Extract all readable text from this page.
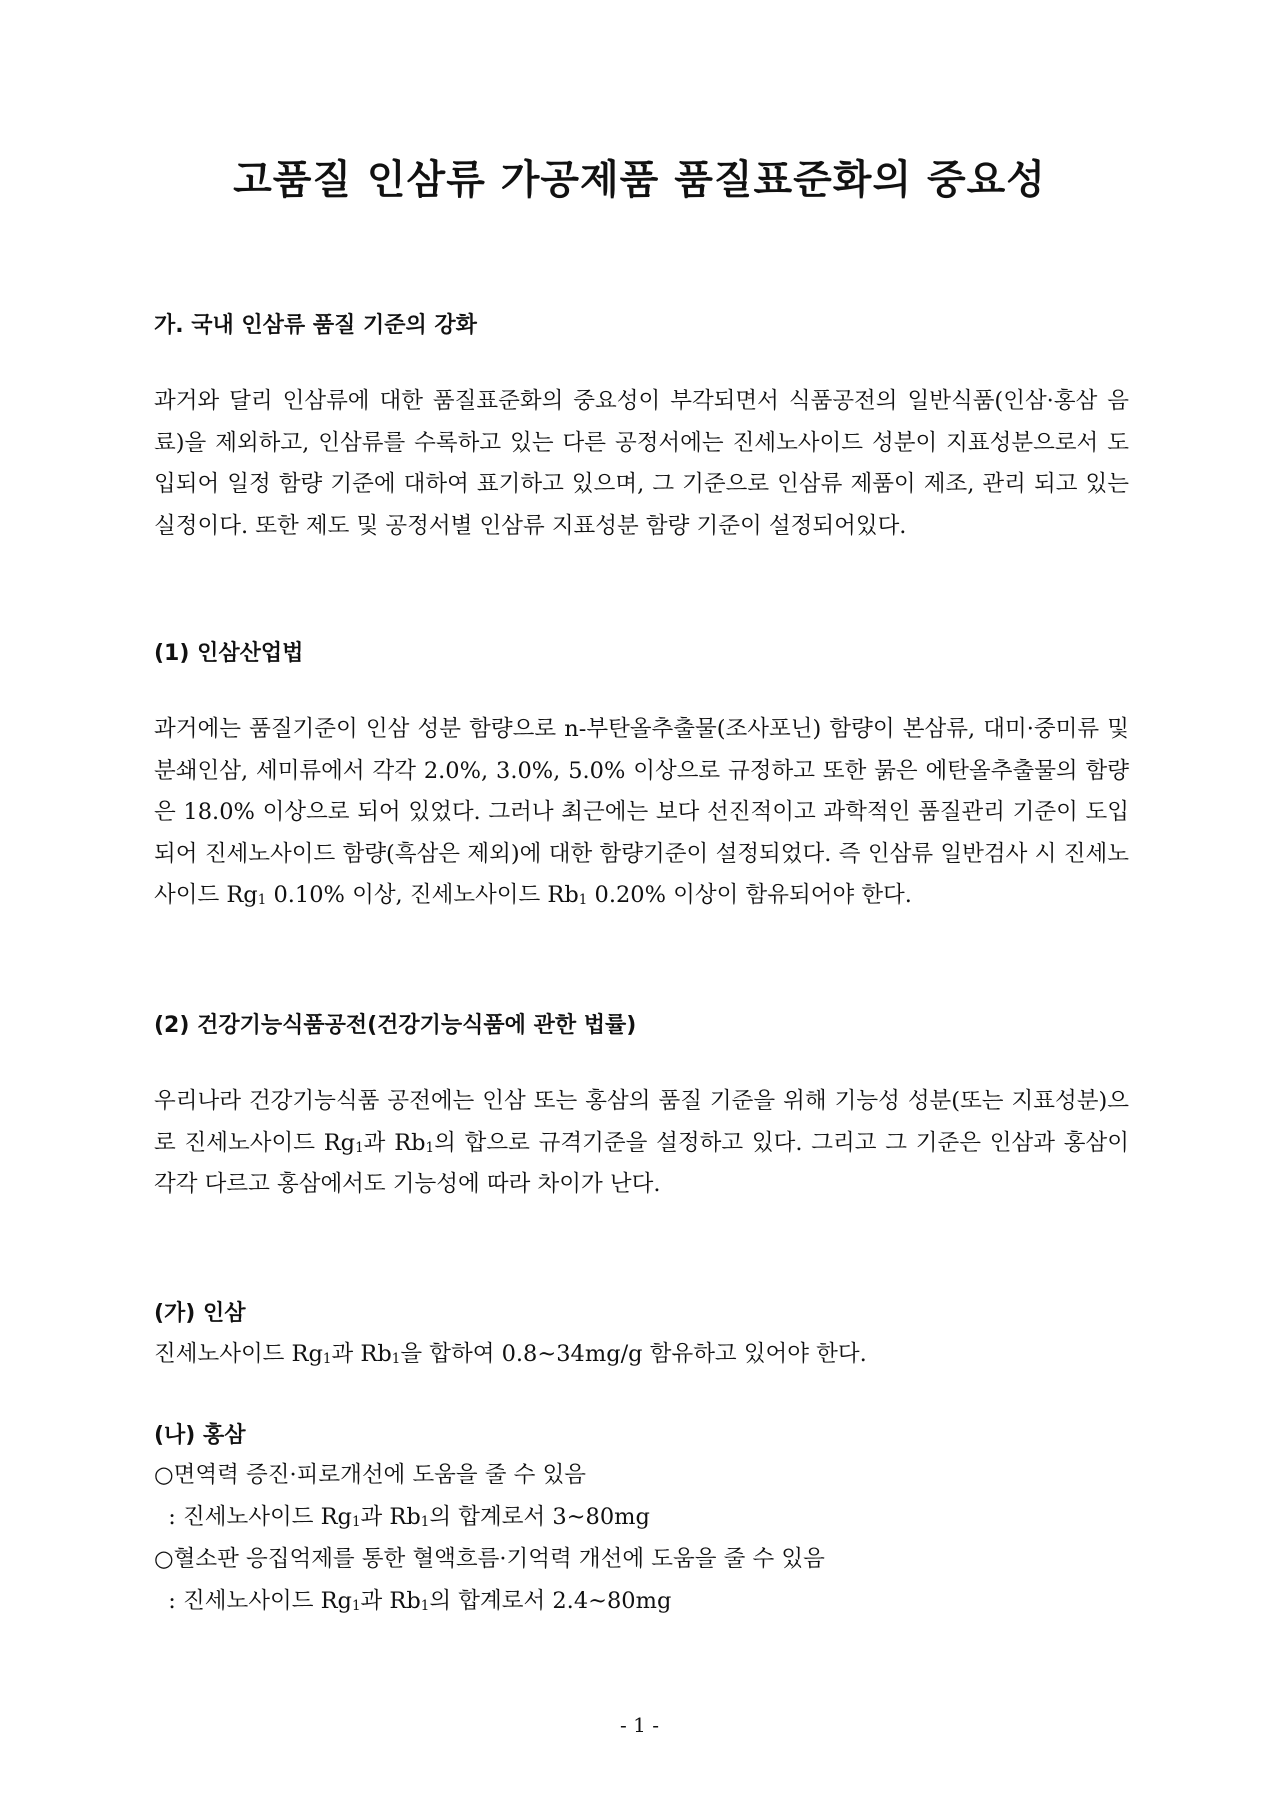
고품질 인삼류 가공제품 품질표준화의 중요성
가. 국내 인삼류 품질 기준의 강화

과거와 달리 인삼류에 대한 품질표준화의 중요성이 부각되면서 식품공전의 일반식품(인삼·홍삼 음료)을 제외하고, 인삼류를 수록하고 있는 다른 공정서에는 진세노사이드 성분이 지표성분으로서 도입되어 일정 함량 기준에 대하여 표기하고 있으며, 그 기준으로 인삼류 제품이 제조, 관리 되고 있는 실정이다. 또한 제도 및 공정서별 인삼류 지표성분 함량 기준이 설정되어있다.

(1) 인삼산업법

과거에는 품질기준이 인삼 성분 함량으로 n-부탄올추출물(조사포닌) 함량이 본삼류, 대미·중미류 및 분쇄인삼, 세미류에서 각각 2.0%, 3.0%, 5.0% 이상으로 규정하고 또한 묽은 에탄올추출물의 함량은 18.0% 이상으로 되어 있었다. 그러나 최근에는 보다 선진적이고 과학적인 품질관리 기준이 도입되어 진세노사이드 함량(흑삼은 제외)에 대한 함량기준이 설정되었다. 즉 인삼류 일반검사 시 진세노사이드 $Rg_1$ 0.10% 이상, 진세노사이드 $Rb_1$ 0.20% 이상이 함유되어야 한다.

(2) 건강기능식품공전(건강기능식품에 관한 법률)

우리나라 건강기능식품 공전에는 인삼 또는 홍삼의 품질 기준을 위해 기능성 성분(또는 지표성분)으로 진세노사이드 $Rg_1$과 $Rb_1$의 합으로 규격기준을 설정하고 있다. 그리고 그 기준은 인삼과 홍삼이 각각 다르고 홍삼에서도 기능성에 따라 차이가 난다.

(가) 인삼

진세노사이드 $Rg_1$과 $Rb_1$을 합하여 0.8~34mg/g 함유하고 있어야 한다.

(나) 홍삼

○면역력 증진·피로개선에 도움을 줄 수 있음

: 진세노사이드 $Rg_1$과 $Rb_1$의 합계로서 3~80mg

○혈소판 응집억제를 통한 혈액흐름·기억력 개선에 도움을 줄 수 있음

: 진세노사이드 $Rg_1$과 $Rb_1$의 합계로서 2.4~80mg

- 1 -
